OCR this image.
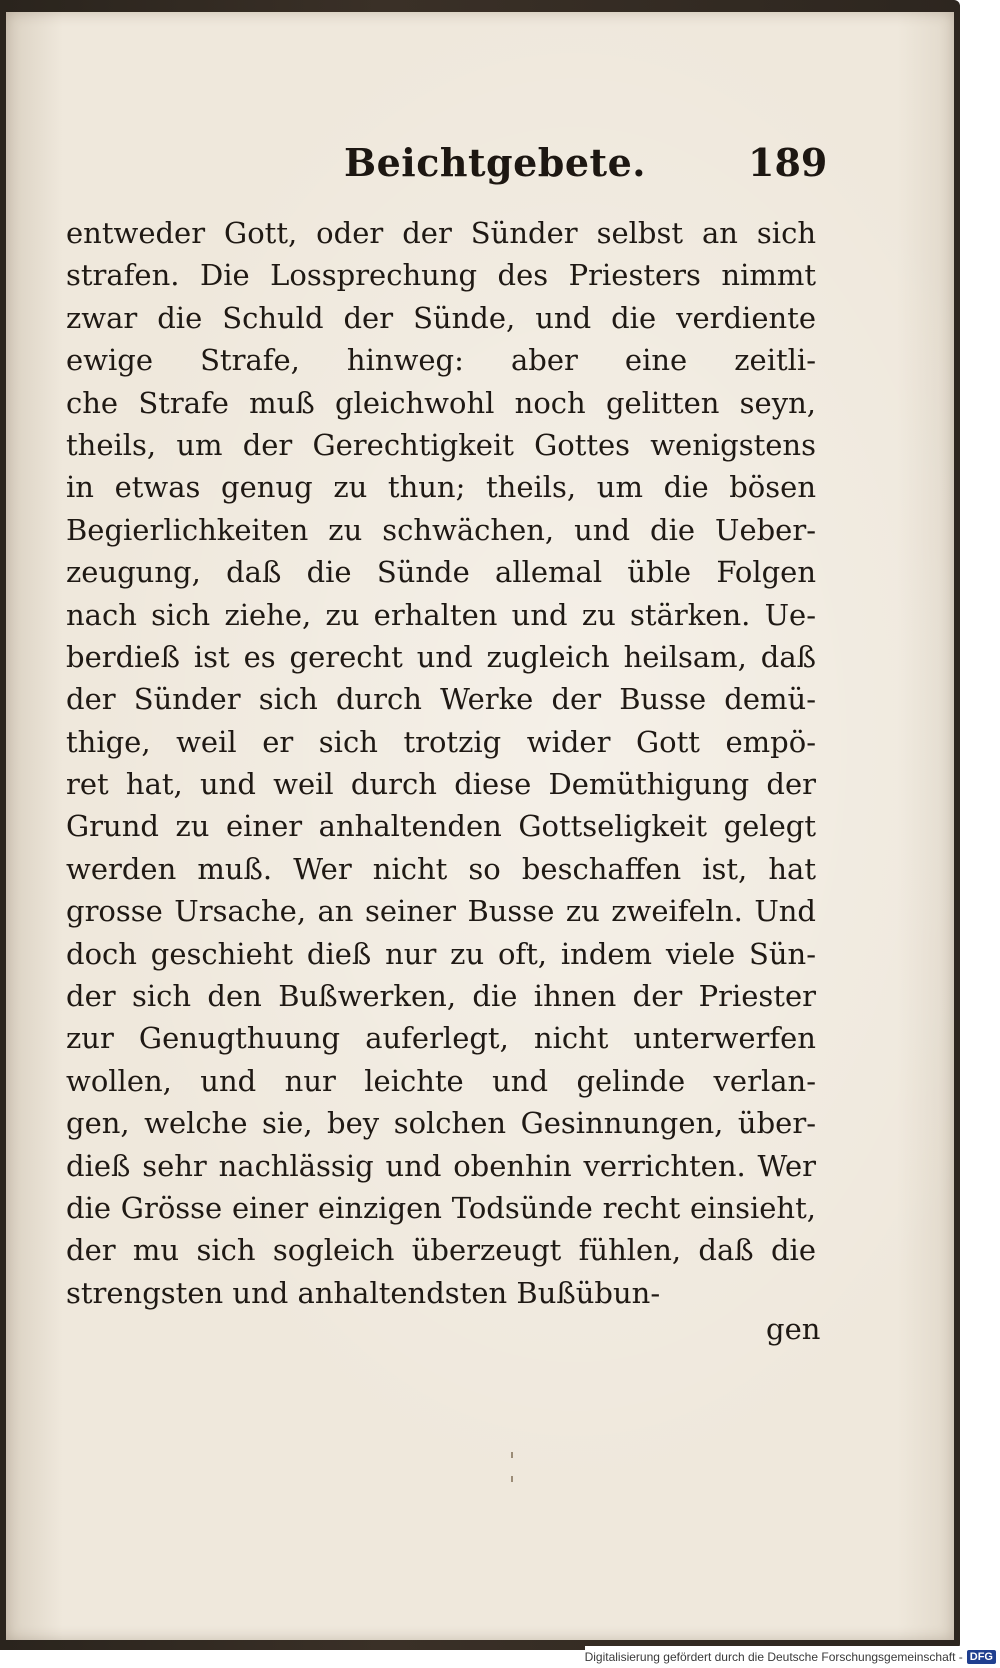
Beichtgebete.	189
entweder Gott, oder der Sünder selbst an sich
strafen. Die Lossprechung des Priesters nimmt
zwar die Schuld der Sünde, und die verdiente
ewige Strafe, hinweg: aber eine zeitli-
che Strafe muß gleichwohl noch gelitten seyn,
theils, um der Gerechtigkeit Gottes wenigstens
in etwas genug zu thun; theils, um die bösen
Begierlichkeiten zu schwächen, und die Ueber-
zeugung, daß die Sünde allemal üble Folgen
nach sich ziehe, zu erhalten und zu stärken. Ue-
berdieß ist es gerecht und zugleich heilsam, daß
der Sünder sich durch Werke der Busse demü-
thige, weil er sich trotzig wider Gott empö-
ret hat, und weil durch diese Demüthigung der
Grund zu einer anhaltenden Gottseligkeit gelegt
werden muß. Wer nicht so beschaffen ist, hat
grosse Ursache, an seiner Busse zu zweifeln. Und
doch geschieht dieß nur zu oft, indem viele Sün-
der sich den Bußwerken, die ihnen der Priester
zur Genugthuung auferlegt, nicht unterwerfen
wollen, und nur leichte und gelinde verlan-
gen, welche sie, bey solchen Gesinnungen, über-
dieß sehr nachlässig und obenhin verrichten. Wer
die Grösse einer einzigen Todsünde recht einsieht,
der mu sich sogleich überzeugt fühlen, daß die
strengsten und anhaltendsten Bußübun-
gen
Digitalisierung gefördert durch die Deutsche Forschungsgemeinschaft - DFG
